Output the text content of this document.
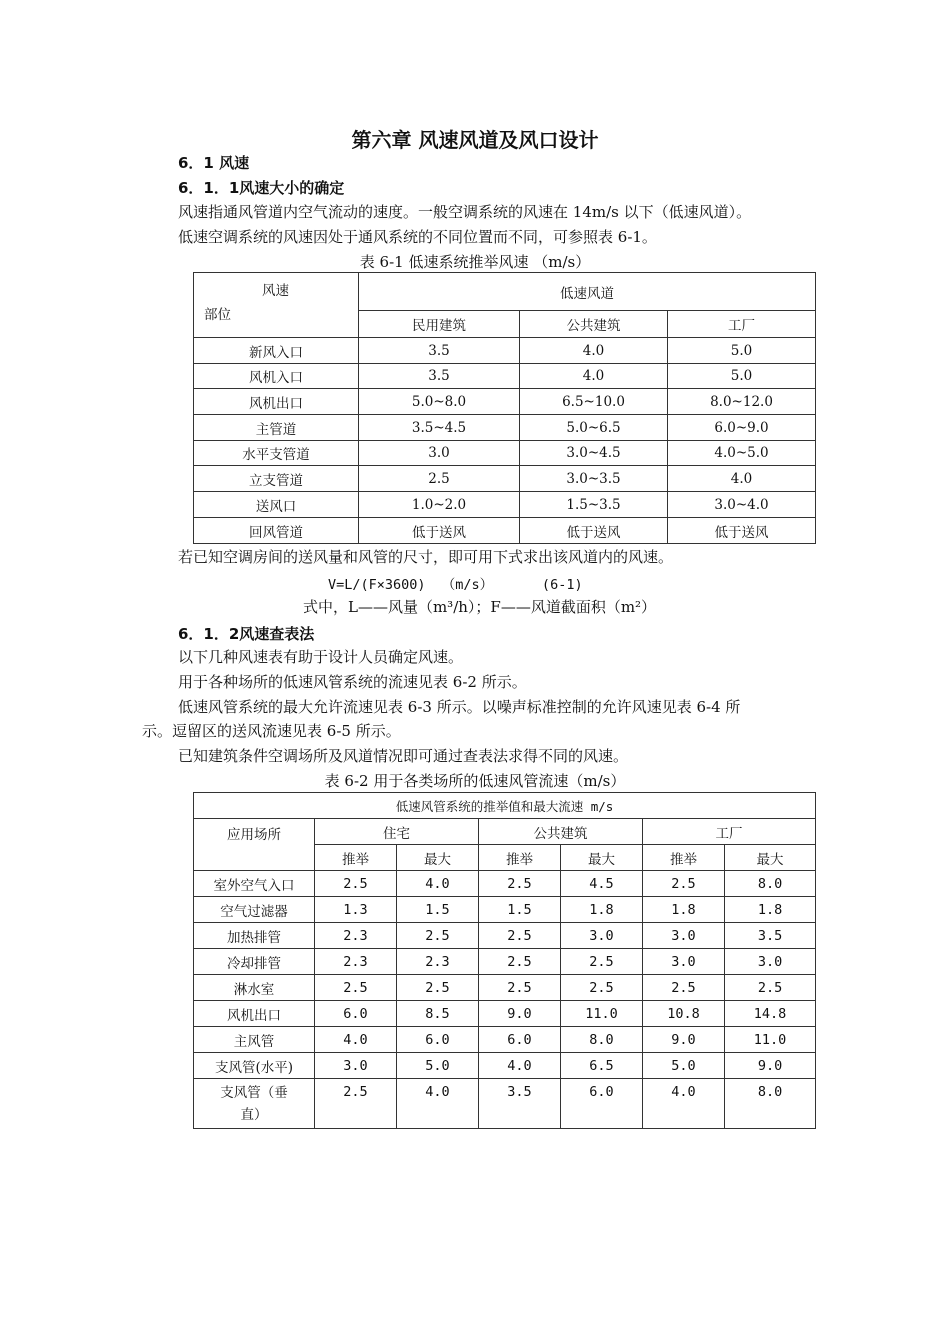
第六章 风速风道及风口设计
6．1 风速
6．1．1风速大小的确定
风速指通风管道内空气流动的速度。一般空调系统的风速在 14m/s 以下（低速风道）。
低速空调系统的风速因处于通风系统的不同位置而不同，可参照表 6-1。
表 6-1 低速系统推举风速 （m/s）
风速
部位	低速风道		
	民用建筑	公共建筑	工厂
新风入口	3.5	4.0	5.0
风机入口	3.5	4.0	5.0
风机出口	5.0~8.0	6.5~10.0	8.0~12.0
主管道	3.5~4.5	5.0~6.5	6.0~9.0
水平支管道	3.0	3.0~4.5	4.0~5.0
立支管道	2.5	3.0~3.5	4.0
送风口	1.0~2.0	1.5~3.5	3.0~4.0
回风管道	低于送风	低于送风	低于送风
若已知空调房间的送风量和风管的尺寸，即可用下式求出该风道内的风速。
V=L/(F×3600)  （m/s）      (6-1)
式中，L——风量（m³/h）；F——风道截面积（m²）
6．1．2风速查表法
以下几种风速表有助于设计人员确定风速。
用于各种场所的低速风管系统的流速见表 6-2 所示。
低速风管系统的最大允许流速见表 6-3 所示。以噪声标准控制的允许风速见表 6-4 所
示。逗留区的送风流速见表 6-5 所示。
已知建筑条件空调场所及风道情况即可通过查表法求得不同的风速。
表 6-2 用于各类场所的低速风管流速（m/s）
低速风管系统的推举值和最大流速 m/s						
应用场所	住宅		公共建筑		工厂	
	推举	最大	推举	最大	推举	最大
室外空气入口	2.5	4.0	2.5	4.5	2.5	8.0
空气过滤器	1.3	1.5	1.5	1.8	1.8	1.8
加热排管	2.3	2.5	2.5	3.0	3.0	3.5
冷却排管	2.3	2.3	2.5	2.5	3.0	3.0
淋水室	2.5	2.5	2.5	2.5	2.5	2.5
风机出口	6.0	8.5	9.0	11.0	10.8	14.8
主风管	4.0	6.0	6.0	8.0	9.0	11.0
支风管(水平)	3.0	5.0	4.0	6.5	5.0	9.0
支风管（垂直）	2.5	4.0	3.5	6.0	4.0	8.0
